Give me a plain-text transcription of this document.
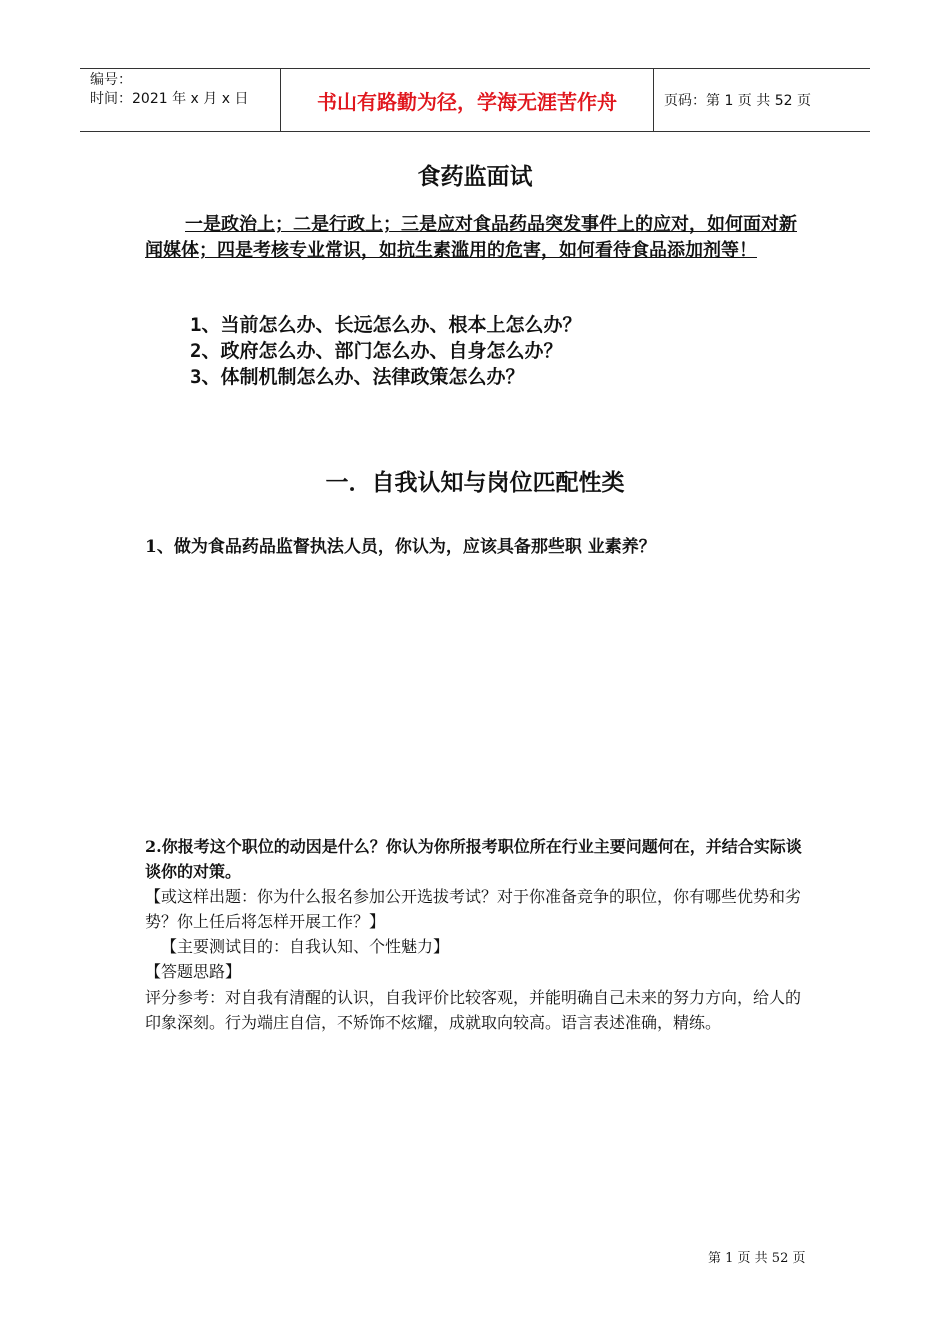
编号：
时间：2021 年 x 月 x 日	书山有路勤为径，学海无涯苦作舟	页码：第 1 页 共 52 页
食药监面试
一是政治上；二是行政上；三是应对食品药品突发事件上的应对，如何面对新闻媒体；四是考核专业常识，如抗生素滥用的危害，如何看待食品添加剂等！
1、当前怎么办、长远怎么办、根本上怎么办？
2、政府怎么办、部门怎么办、自身怎么办？
3、体制机制怎么办、法律政策怎么办？
一．自我认知与岗位匹配性类
1、做为食品药品监督执法人员，你认为，应该具备那些职 业素养？
2.你报考这个职位的动因是什么？你认为你所报考职位所在行业主要问题何在，并结合实际谈谈你的对策。
【或这样出题：你为什么报名参加公开选拔考试？对于你准备竞争的职位，你有哪些优势和劣势？你上任后将怎样开展工作？】
【主要测试目的：自我认知、个性魅力】
【答题思路】
评分参考：对自我有清醒的认识，自我评价比较客观，并能明确自己未来的努力方向，给人的印象深刻。行为端庄自信，不矫饰不炫耀，成就取向较高。语言表述准确，精练。
第 1 页 共 52 页
